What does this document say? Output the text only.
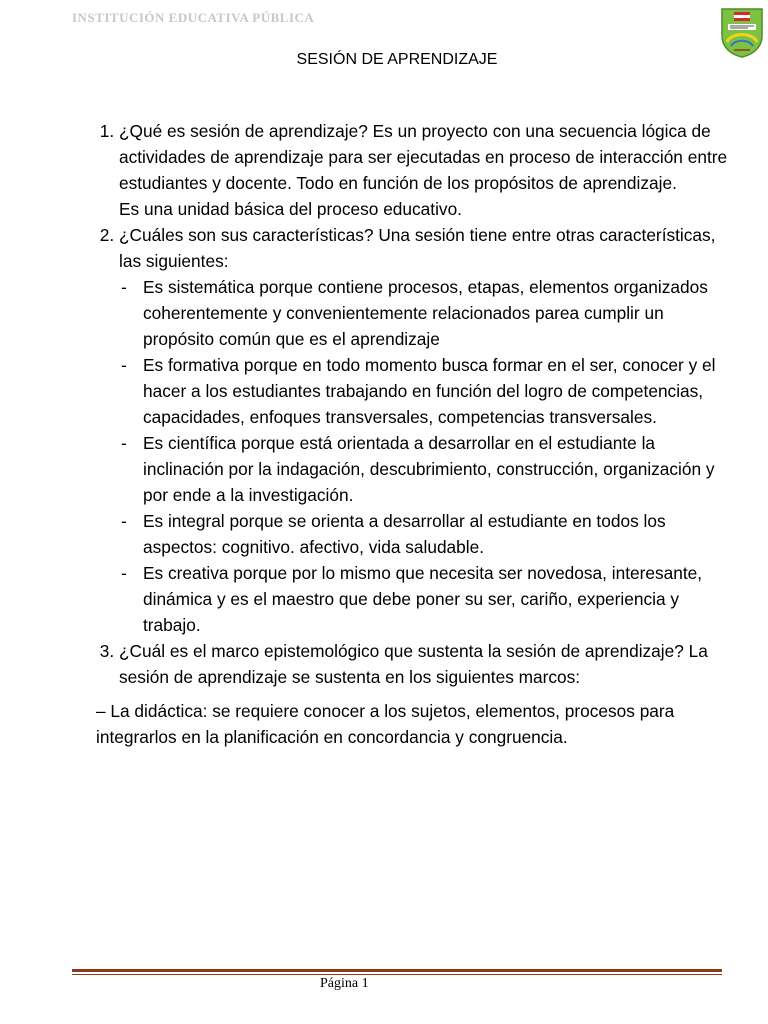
INSTITUCIÓN EDUCATIVA PÚBLICA
SESIÓN DE APRENDIZAJE
1. ¿Qué es sesión de aprendizaje? Es un proyecto con una secuencia lógica de actividades de aprendizaje para ser ejecutadas en proceso de interacción entre estudiantes y docente. Todo en función de los propósitos de aprendizaje.
Es una unidad básica del proceso educativo.
2. ¿Cuáles son sus características? Una sesión tiene entre otras características, las siguientes:
- Es sistemática porque contiene procesos, etapas, elementos organizados coherentemente y convenientemente relacionados parea cumplir un propósito común que es el aprendizaje
- Es formativa porque en todo momento busca formar en el ser, conocer y el hacer a los estudiantes trabajando en función del logro de competencias, capacidades, enfoques transversales, competencias transversales.
- Es científica porque está orientada a desarrollar en el estudiante la inclinación por la indagación, descubrimiento, construcción, organización y por ende a la investigación.
- Es integral porque se orienta a desarrollar al estudiante en todos los aspectos: cognitivo. afectivo, vida saludable.
- Es creativa porque por lo mismo que necesita ser novedosa, interesante, dinámica y es el maestro que debe poner su ser, cariño, experiencia y trabajo.
3. ¿Cuál es el marco epistemológico que sustenta la sesión de aprendizaje? La sesión de aprendizaje se sustenta en los siguientes marcos:
– La didáctica: se requiere conocer a los sujetos, elementos, procesos para integrarlos en la planificación en concordancia y congruencia.
Página 1
